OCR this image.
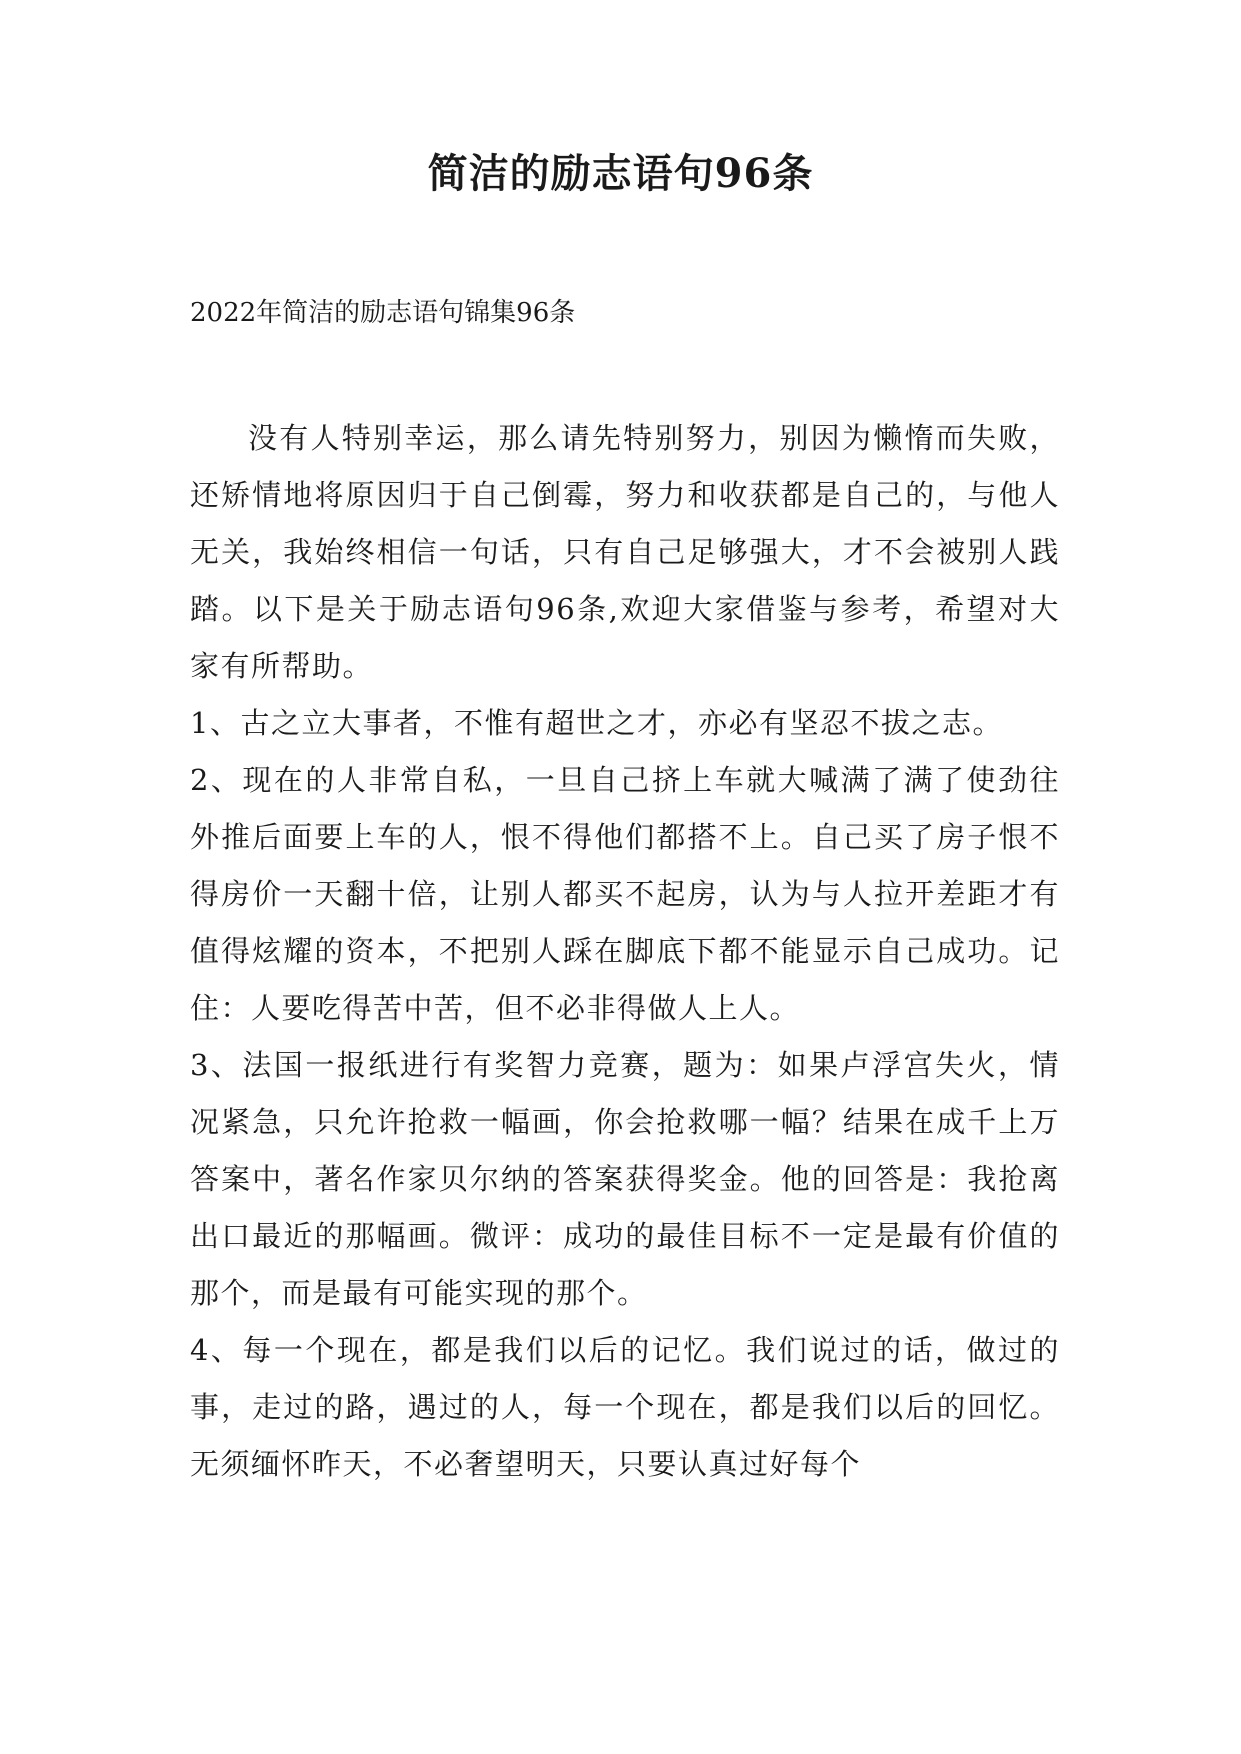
简洁的励志语句96条
2022年简洁的励志语句锦集96条

没有人特别幸运，那么请先特别努力，别因为懒惰而失败，还矫情地将原因归于自己倒霉，努力和收获都是自己的，与他人无关，我始终相信一句话，只有自己足够强大，才不会被别人践踏。以下是关于励志语句96条,欢迎大家借鉴与参考，希望对大家有所帮助。

1、古之立大事者，不惟有超世之才，亦必有坚忍不拔之志。

2、现在的人非常自私，一旦自己挤上车就大喊满了满了使劲往外推后面要上车的人，恨不得他们都搭不上。自己买了房子恨不得房价一天翻十倍，让别人都买不起房，认为与人拉开差距才有值得炫耀的资本，不把别人踩在脚底下都不能显示自己成功。记住：人要吃得苦中苦，但不必非得做人上人。

3、法国一报纸进行有奖智力竞赛，题为：如果卢浮宫失火，情况紧急，只允许抢救一幅画，你会抢救哪一幅？结果在成千上万答案中，著名作家贝尔纳的答案获得奖金。他的回答是：我抢离出口最近的那幅画。微评：成功的最佳目标不一定是最有价值的那个，而是最有可能实现的那个。

4、每一个现在，都是我们以后的记忆。我们说过的话，做过的事，走过的路，遇过的人，每一个现在，都是我们以后的回忆。无须缅怀昨天，不必奢望明天，只要认真过好每个
